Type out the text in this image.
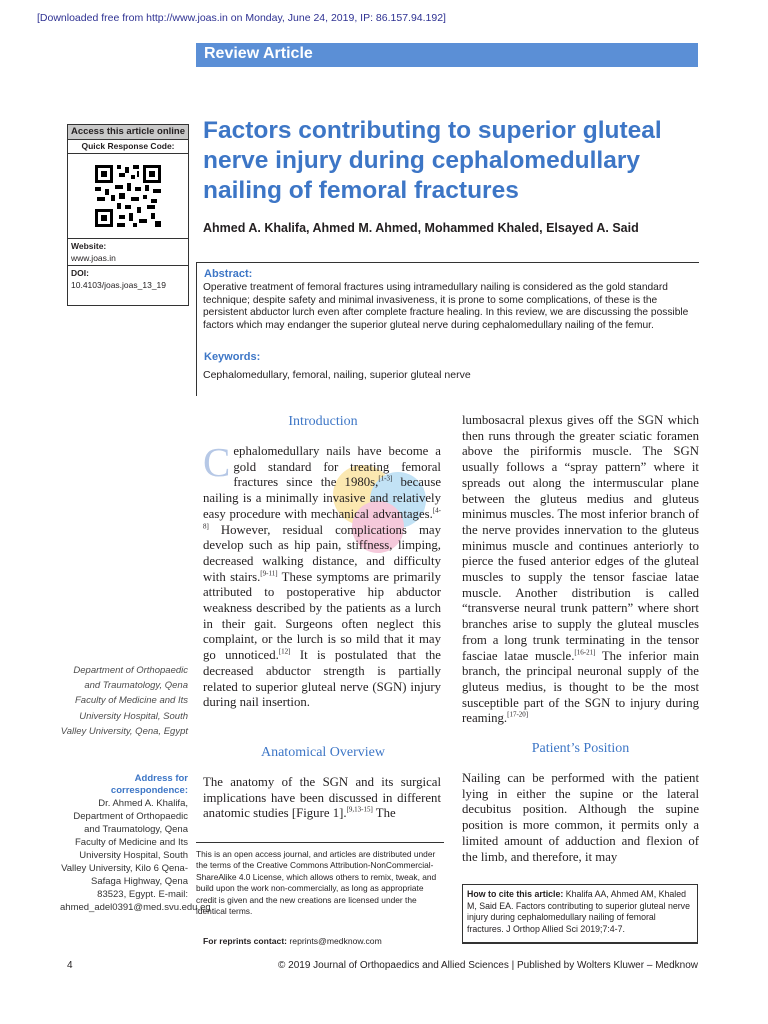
[Downloaded free from http://www.joas.in on Monday, June 24, 2019, IP: 86.157.94.192]
Review Article
Access this article online
Quick Response Code:
Website:
www.joas.in
DOI:
10.4103/joas.joas_13_19
Factors contributing to superior gluteal nerve injury during cephalomedullary nailing of femoral fractures
Ahmed A. Khalifa, Ahmed M. Ahmed, Mohammed Khaled, Elsayed A. Said
Abstract:
Keywords:
Operative treatment of femoral fractures using intramedullary nailing is considered as the gold standard technique; despite safety and minimal invasiveness, it is prone to some complications, of these is the persistent abductor lurch even after complete fracture healing. In this review, we are discussing the possible factors which may endanger the superior gluteal nerve during cephalomedullary nailing of the femur.
Cephalomedullary, femoral, nailing, superior gluteal nerve
Department of Orthopaedic and Traumatology, Qena Faculty of Medicine and Its University Hospital, South Valley University, Qena, Egypt
Address for correspondence:
Dr. Ahmed A. Khalifa, Department of Orthopaedic and Traumatology, Qena Faculty of Medicine and Its University Hospital, South Valley University, Kilo 6 Qena-Safaga Highway, Qena 83523, Egypt. E-mail: ahmed_adel0391@med.svu.edu.eg
Introduction
Cephalomedullary nails have become a gold standard for treating femoral fractures since the 1980s,[1-3] because nailing is a minimally invasive and relatively easy procedure with mechanical advantages.[4-8] However, residual complications may develop such as hip pain, stiffness, limping, decreased walking distance, and difficulty with stairs.[9-11] These symptoms are primarily attributed to postoperative hip abductor weakness described by the patients as a lurch in their gait. Surgeons often neglect this complaint, or the lurch is so mild that it may go unnoticed.[12] It is postulated that the decreased abductor strength is partially related to superior gluteal nerve (SGN) injury during nail insertion.
Anatomical Overview
The anatomy of the SGN and its surgical implications have been discussed in different anatomic studies [Figure 1].[9,13-15] The
lumbosacral plexus gives off the SGN which then runs through the greater sciatic foramen above the piriformis muscle. The SGN usually follows a “spray pattern” where it spreads out along the intermuscular plane between the gluteus medius and gluteus minimus muscles. The most inferior branch of the nerve provides innervation to the gluteus minimus muscle and continues anteriorly to pierce the fused anterior edges of the gluteal muscles to supply the tensor fasciae latae muscle. Another distribution is called “transverse neural trunk pattern” where short branches arise to supply the gluteal muscles from a long trunk terminating in the tensor fasciae latae muscle.[16-21] The inferior main branch, the principal neuronal supply of the gluteus medius, is thought to be the most susceptible part of the SGN to injury during reaming.[17-20]
Patient’s Position
Nailing can be performed with the patient lying in either the supine or the lateral decubitus position. Although the supine position is more common, it permits only a limited amount of adduction and flexion of the limb, and therefore, it may
This is an open access journal, and articles are distributed under the terms of the Creative Commons Attribution-NonCommercial-ShareAlike 4.0 License, which allows others to remix, tweak, and build upon the work non-commercially, as long as appropriate credit is given and the new creations are licensed under the identical terms.
For reprints contact: reprints@medknow.com
How to cite this article: Khalifa AA, Ahmed AM, Khaled M, Said EA. Factors contributing to superior gluteal nerve injury during cephalomedullary nailing of femoral fractures. J Orthop Allied Sci 2019;7:4-7.
4	© 2019 Journal of Orthopaedics and Allied Sciences | Published by Wolters Kluwer – Medknow
